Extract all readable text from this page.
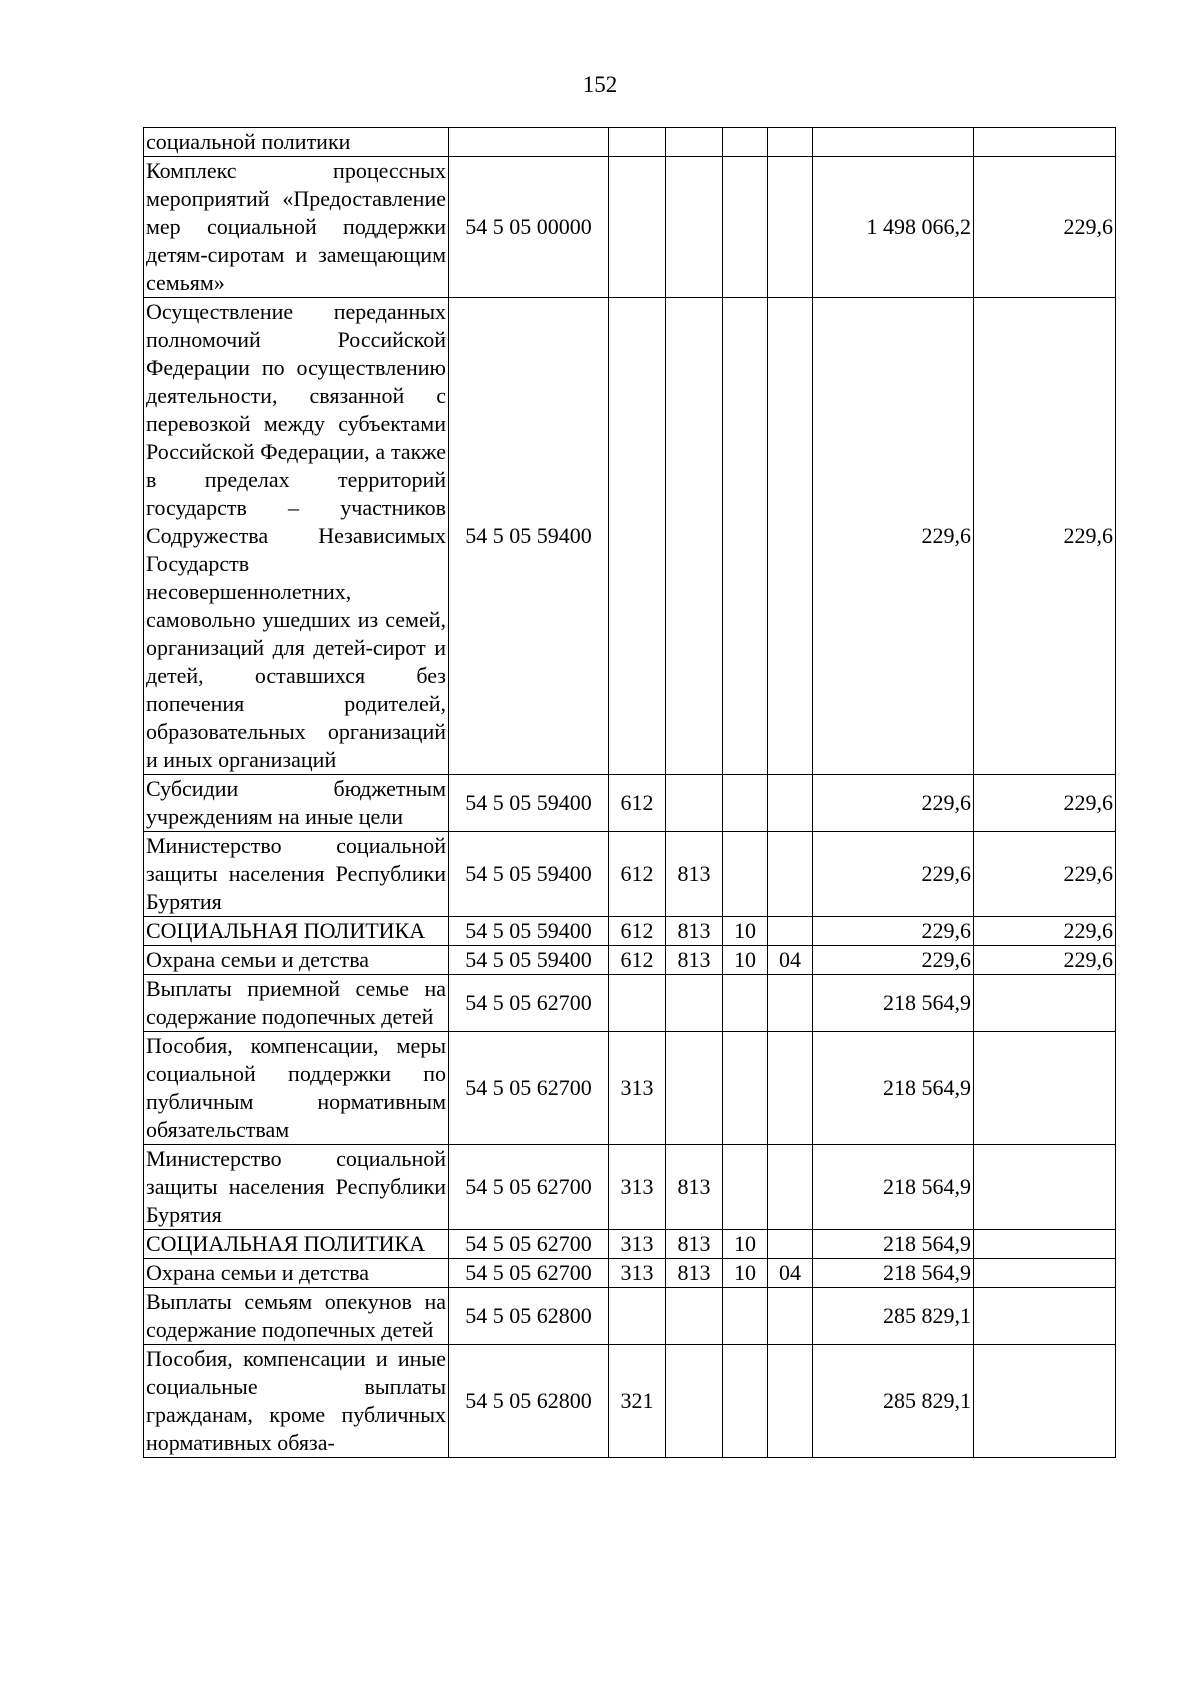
152
социальной политики							
Комплекс процессных мероприятий «Предоставление мер социальной поддержки детям-сиротам и замещающим семьям»	54 5 05 00000					1 498 066,2	229,6
Осуществление переданных полномочий Российской Федерации по осуществлению деятельности, связанной с перевозкой между субъектами Российской Федерации, а также в пределах территорий государств – участников Содружества Независимых Государств несовершеннолетних, самовольно ушедших из семей, организаций для детей-сирот и детей, оставшихся без попечения родителей, образовательных организаций и иных организаций	54 5 05 59400					229,6	229,6
Субсидии бюджетным учреждениям на иные цели	54 5 05 59400	612				229,6	229,6
Министерство социальной защиты населения Республики Бурятия	54 5 05 59400	612	813			229,6	229,6
СОЦИАЛЬНАЯ ПОЛИТИКА	54 5 05 59400	612	813	10		229,6	229,6
Охрана семьи и детства	54 5 05 59400	612	813	10	04	229,6	229,6
Выплаты приемной семье на содержание подопечных детей	54 5 05 62700					218 564,9	
Пособия, компенсации, меры социальной поддержки по публичным нормативным обязательствам	54 5 05 62700	313				218 564,9	
Министерство социальной защиты населения Республики Бурятия	54 5 05 62700	313	813			218 564,9	
СОЦИАЛЬНАЯ ПОЛИТИКА	54 5 05 62700	313	813	10		218 564,9	
Охрана семьи и детства	54 5 05 62700	313	813	10	04	218 564,9	
Выплаты семьям опекунов на содержание подопечных детей	54 5 05 62800					285 829,1	
Пособия, компенсации и иные социальные выплаты гражданам, кроме публичных нормативных обяза-	54 5 05 62800	321				285 829,1	
